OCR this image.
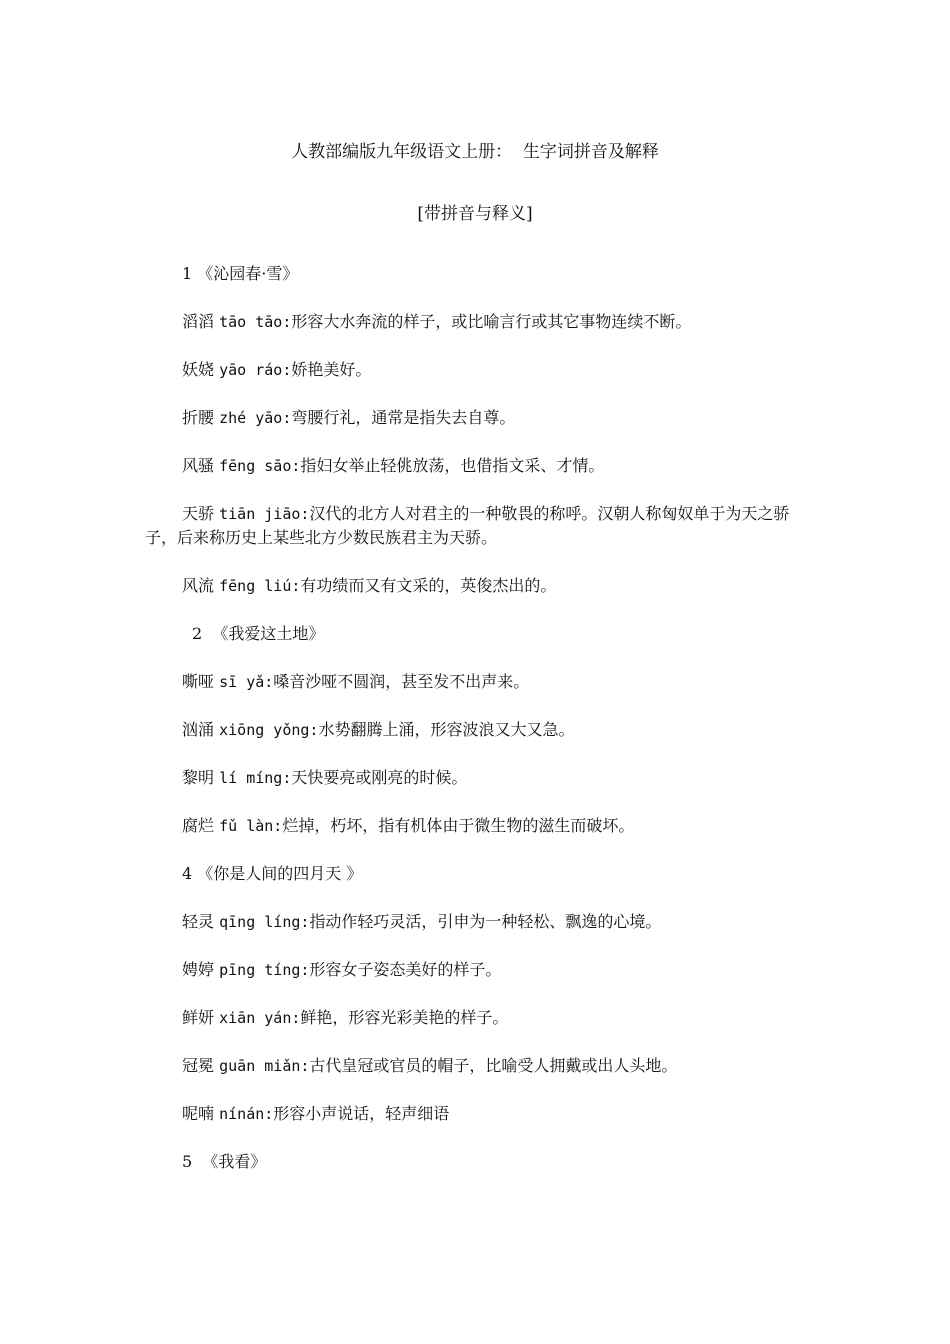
人教部编版九年级语文上册：  生字词拼音及解释
[带拼音与释义]
1 《沁园春·雪》
滔滔 tāo tāo:形容大水奔流的样子，或比喻言行或其它事物连续不断。
妖娆 yāo ráo:娇艳美好。
折腰 zhé yāo:弯腰行礼，通常是指失去自尊。
风骚 fēng sāo:指妇女举止轻佻放荡，也借指文采、才情。
天骄 tiān jiāo:汉代的北方人对君主的一种敬畏的称呼。汉朝人称匈奴单于为天之骄子，后来称历史上某些北方少数民族君主为天骄。
风流 fēng liú:有功绩而又有文采的，英俊杰出的。
2  《我爱这土地》
嘶哑 sī yǎ:嗓音沙哑不圆润，甚至发不出声来。
汹涌 xiōng yǒng:水势翻腾上涌，形容波浪又大又急。
黎明 lí míng:天快要亮或刚亮的时候。
腐烂 fǔ làn:烂掉，朽坏，指有机体由于微生物的滋生而破坏。
4 《你是人间的四月天 》
轻灵 qīng líng:指动作轻巧灵活，引申为一种轻松、飘逸的心境。
娉婷 pīng tíng:形容女子姿态美好的样子。
鲜妍 xiān yán:鲜艳，形容光彩美艳的样子。
冠冕 guān miǎn:古代皇冠或官员的帽子，比喻受人拥戴或出人头地。
呢喃 nínán:形容小声说话，轻声细语
5  《我看》
